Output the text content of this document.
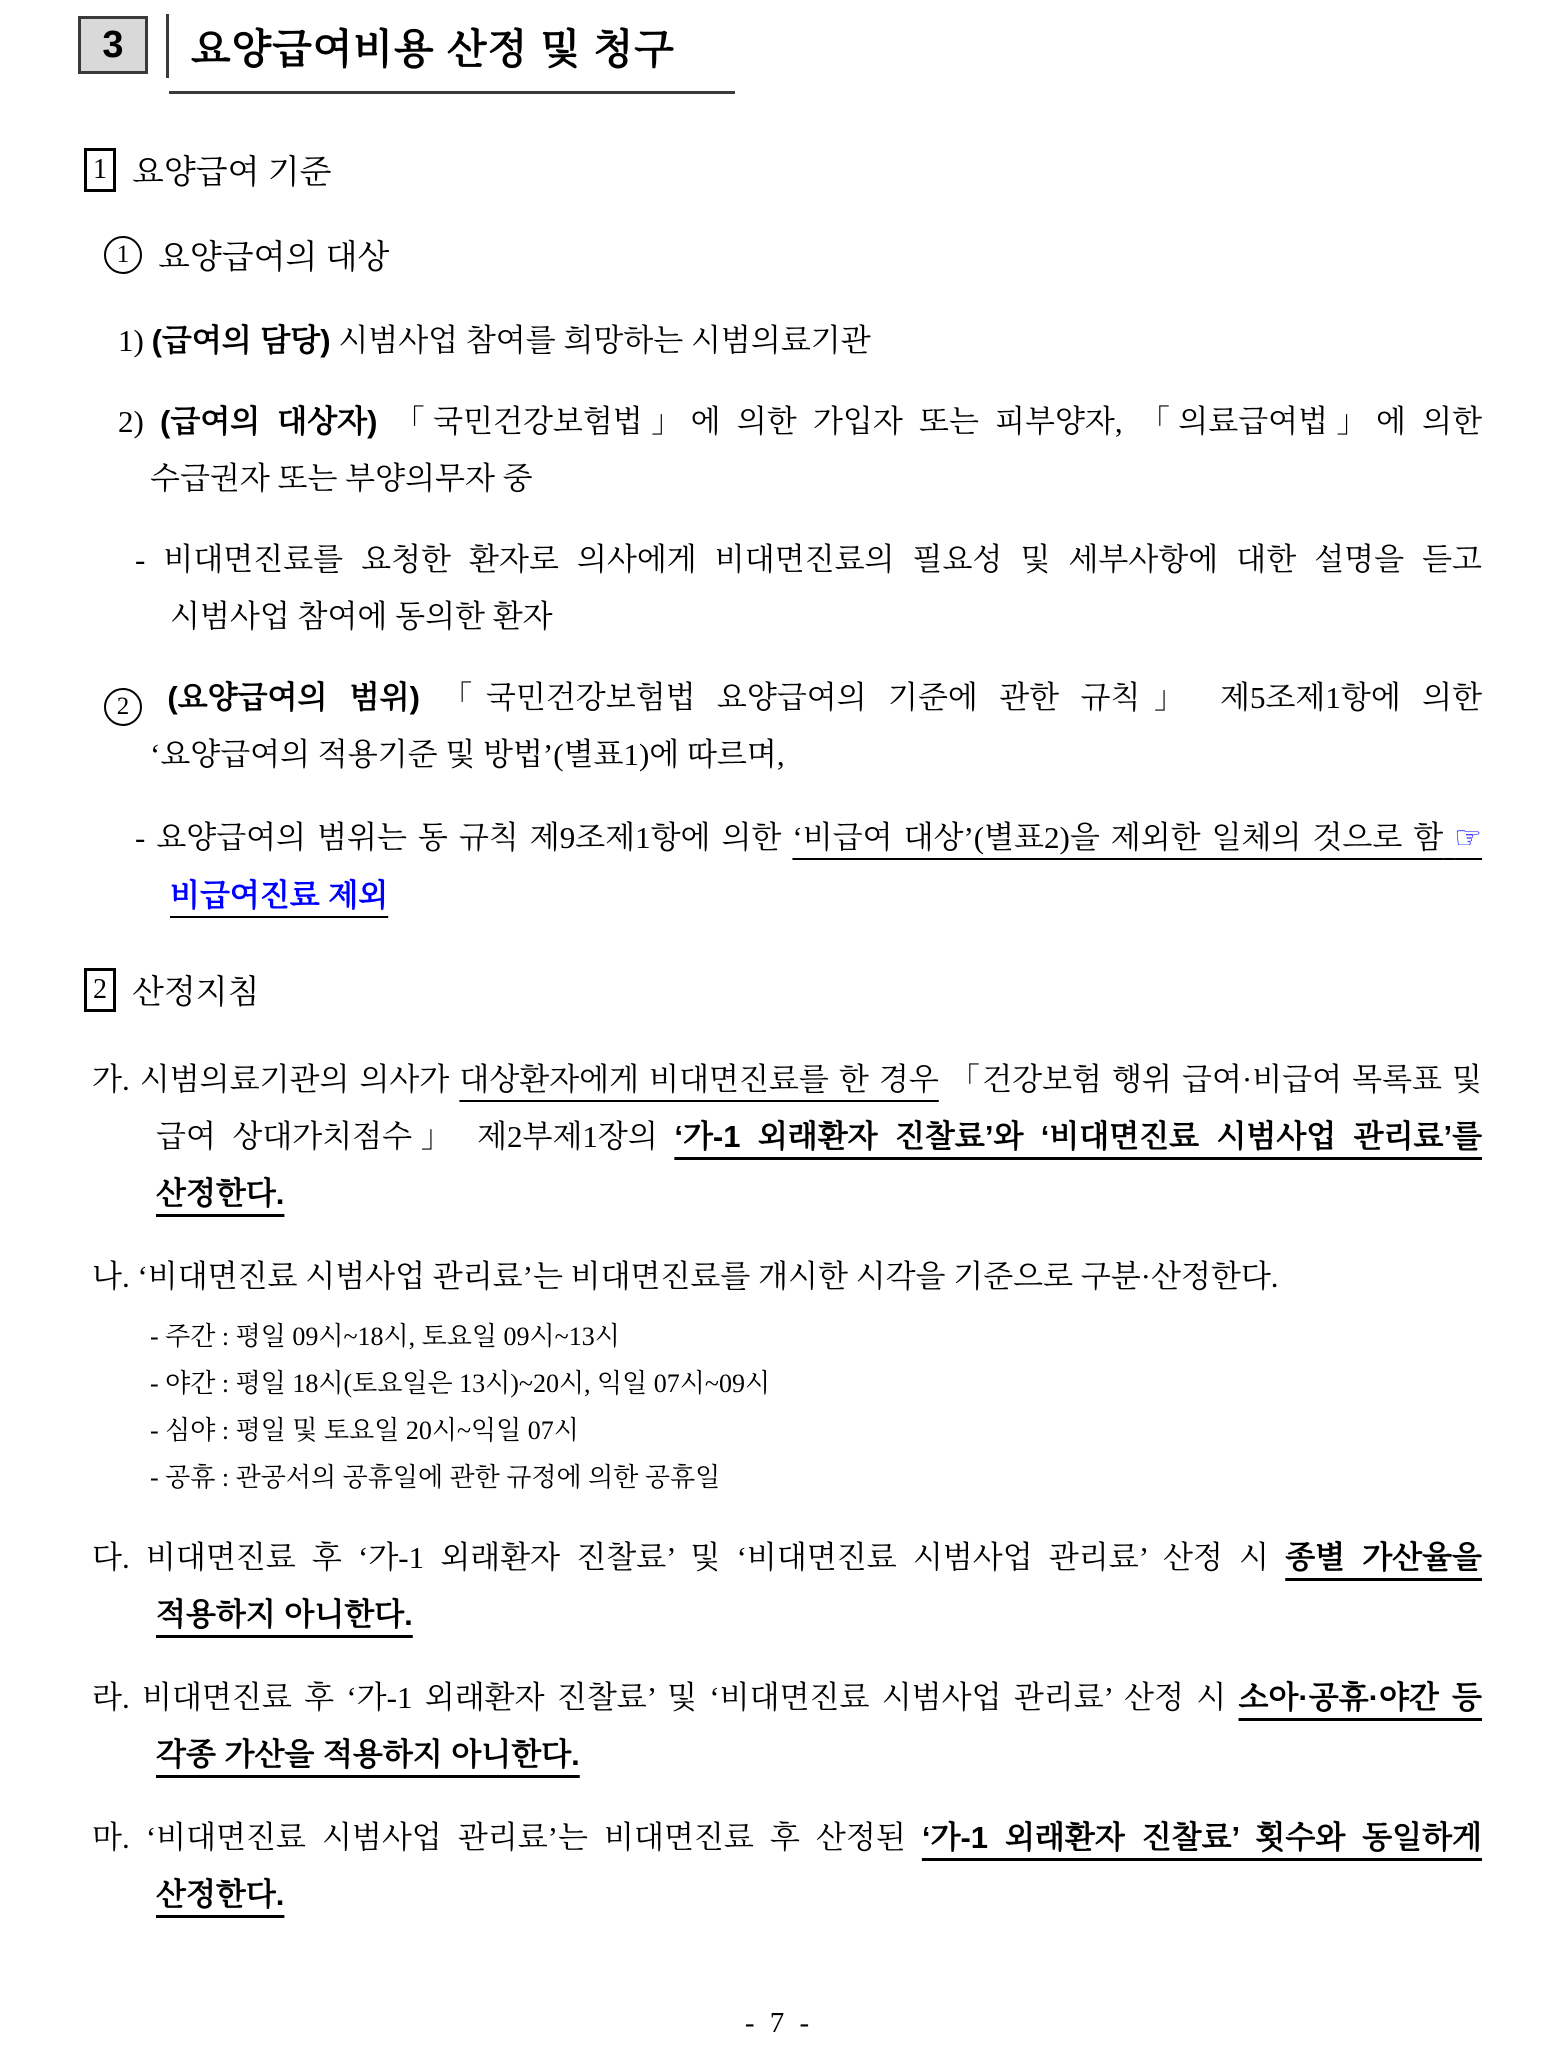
3	요양급여비용 산정 및 청구
1 요양급여 기준
1 요양급여의 대상

1) (급여의 담당) 시범사업 참여를 희망하는 시범의료기관

2) (급여의 대상자) 「국민건강보험법」에 의한 가입자 또는 피부양자, 「의료급여법」에 의한 수급권자 또는 부양의무자 중

- 비대면진료를 요청한 환자로 의사에게 비대면진료의 필요성 및 세부사항에 대한 설명을 듣고 시범사업 참여에 동의한 환자

2 (요양급여의 범위) 「국민건강보험법 요양급여의 기준에 관한 규칙」 제5조제1항에 의한 ‘요양급여의 적용기준 및 방법’(별표1)에 따르며,

- 요양급여의 범위는 동 규칙 제9조제1항에 의한 ‘비급여 대상’(별표2)을 제외한 일체의 것으로 함 ☞ 비급여진료 제외

2 산정지침

가. 시범의료기관의 의사가 대상환자에게 비대면진료를 한 경우 「건강보험 행위 급여·비급여 목록표 및 급여 상대가치점수」 제2부제1장의 ‘가-1 외래환자 진찰료’와 ‘비대면진료 시범사업 관리료’를 산정한다.

나. ‘비대면진료 시범사업 관리료’는 비대면진료를 개시한 시각을 기준으로 구분·산정한다.

- 주간 : 평일 09시~18시, 토요일 09시~13시

- 야간 : 평일 18시(토요일은 13시)~20시, 익일 07시~09시

- 심야 : 평일 및 토요일 20시~익일 07시

- 공휴 : 관공서의 공휴일에 관한 규정에 의한 공휴일

다. 비대면진료 후 ‘가-1 외래환자 진찰료’ 및 ‘비대면진료 시범사업 관리료’ 산정 시 종별 가산율을 적용하지 아니한다.

라. 비대면진료 후 ‘가-1 외래환자 진찰료’ 및 ‘비대면진료 시범사업 관리료’ 산정 시 소아·공휴·야간 등 각종 가산을 적용하지 아니한다.

마. ‘비대면진료 시범사업 관리료’는 비대면진료 후 산정된 ‘가-1 외래환자 진찰료’ 횟수와 동일하게 산정한다.

- 7 -
